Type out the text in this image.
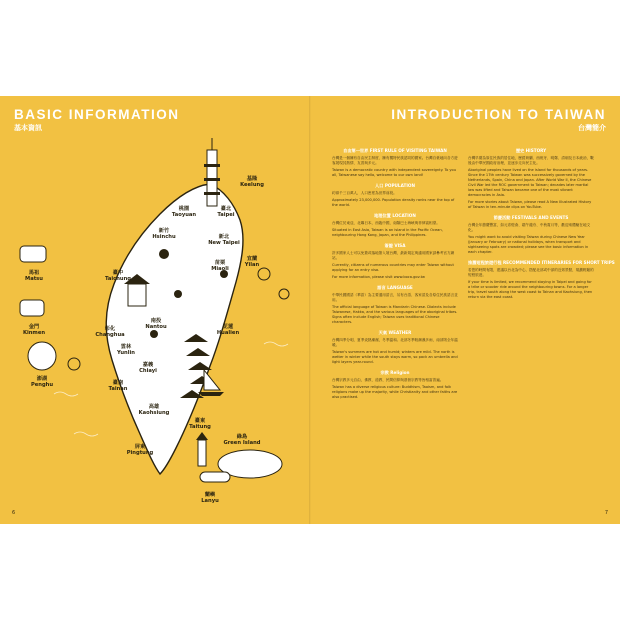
BASIC INFORMATION
基本資訊
INTRODUCTION TO TAIWAN
台灣簡介
基隆 Keelung
臺北 Taipei
桃園 Taoyuan
新北 New Taipei
新竹 Hsinchu
宜蘭 Yilan
苗栗 Miaoli
臺中 Taichung
彰化 Changhua
南投 Nantou	花蓮 Hualien
雲林 Yunlin
嘉義 Chiayi
臺南 Tainan
高雄 Kaohsiung
臺東 Taitung
屏東 Pingtung
綠島 Green Island
蘭嶼 Lanyu
馬祖 Matsu
金門 Kinmen
澎湖 Penghu
自由第一世界 FIRST RULE OF VISITING TAIWAN

台灣是一個擁有自由民主制度、擁有獨特民族認同的國家。台灣自豪地向各方遊客展現其熱情、友善與多元。

Taiwan is a democratic country with independent sovereignty. To you all, Taiwanese say hello, welcome to our own land!

人口 POPULATION

約兩千三百萬人，人口密度為世界前段。

Approximately 23,000,000. Population density ranks near the top of the world.

地理位置 LOCATION

台灣位於東亞，北鄰日本，西臨中國，南隔巴士海峽與菲律賓相望。

Situated in East Asia, Taiwan is an island in the Pacific Ocean, neighbouring Hong Kong, Japan, and the Philippines.

簽證 VISA

許多國家人士可以免簽或落地簽入境台灣，最新規定與適用國家請參考官方網站。

Currently, citizens of numerous countries may enter Taiwan without applying for an entry visa.

For more information, please visit www.boca.gov.tw

語言 LANGUAGE

中華民國國語（華語）為主要通用語言，另有台語、客家語及各原住民族語言並用。

The official language of Taiwan is Mandarin Chinese. Dialects include Taiwanese, Hakka, and the various languages of the aboriginal tribes. Signs often include English; Taiwan uses traditional Chinese characters.

天氣 WEATHER

台灣四季分明，夏季炎熱潮濕，冬季溫和。北部冬季較潮濕多雨，南部則全年溫暖。

Taiwan's summers are hot and humid; winters are mild. The north is wetter in winter while the south stays warm, so pack an umbrella and light layers year-round.

宗教 Religion

台灣宗教多元自由，佛教、道教、民間信仰與基督宗教等皆相當普遍。

Taiwan has a diverse religious culture: Buddhism, Taoism, and folk religions make up the majority, while Christianity and other faiths are also practised.

歷史 HISTORY

台灣早期為原住民族的居住地，歷經荷蘭、西班牙、明鄭、清朝及日本統治，戰後由中華民國政府治理，並逐步走向民主化。

Aboriginal peoples have lived on the island for thousands of years. Since the 17th century Taiwan was successively governed by the Netherlands, Spain, China and Japan. After World War II, the Chinese Civil War led the ROC government to Taiwan; decades later martial law was lifted and Taiwan became one of the most vibrant democracies in Asia.

For more stories about Taiwan, please read A New Illustrated History of Taiwan in ten-minute clips on YouTube.

節慶活動 FESTIVALS AND EVENTS

台灣全年節慶豐富，如元宵燈會、端午龍舟、中秋賞月等，歡迎來體驗在地文化。

You might want to avoid visiting Taiwan during Chinese New Year (January or February) or national holidays, when transport and sightseeing spots are crowded; please see the basic information in each chapter.

推薦短程旅遊行程 RECOMMENDED ITINERARIES FOR SHORT TRIPS

若您的時間有限，建議以台北為中心，搭配北部或中部的近郊景點，規劃輕鬆的短程旅遊。

If your time is limited, we recommend staying in Taipei and going for a trike or scooter ride around the neighbouring towns. For a longer trip, travel south along the west coast to Tainan and Kaohsiung, then return via the east coast.

6	7
